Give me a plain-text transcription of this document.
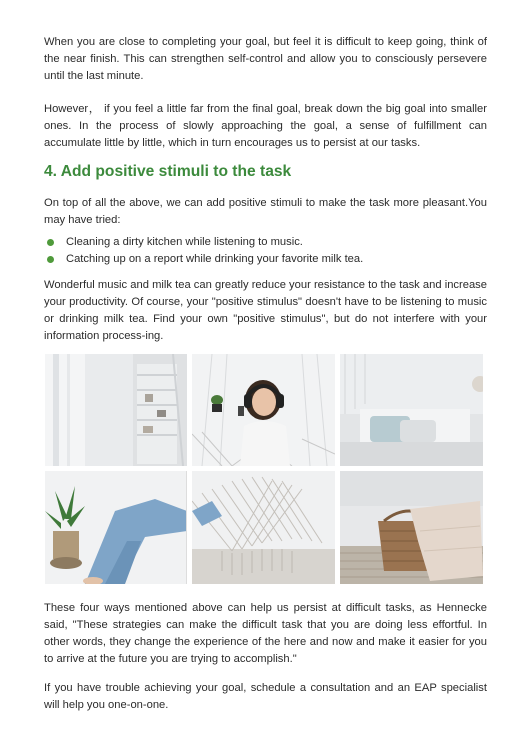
When you are close to completing your goal, but feel it is difficult to keep going, think of the near finish. This can strengthen self-control and allow you to consciously persevere until the last minute.

However， if you feel a little far from the final goal, break down the big goal into smaller ones. In the process of slowly approaching the goal, a sense of fulfillment can accumulate little by little, which in turn encourages us to persist at our tasks.

4. Add positive stimuli to the task

On top of all the above, we can add positive stimuli to make the task more pleasant.You may have tried:

Cleaning a dirty kitchen while listening to music.
Catching up on a report while drinking your favorite milk tea.

Wonderful music and milk tea can greatly reduce your resistance to the task and increase your productivity. Of course, your "positive stimulus" doesn't have to be listening to music or drinking milk tea. Find your own "positive stimulus", but do not interfere with your information process-ing.

These four ways mentioned above can help us persist at difficult tasks, as Hennecke said, "These strategies can make the difficult task that you are doing less effortful. In other words, they change the experience of the here and now and make it easier for you to arrive at the future you are trying to accomplish."

If you have trouble achieving your goal, schedule a consultation and an EAP specialist will help you one-on-one.
